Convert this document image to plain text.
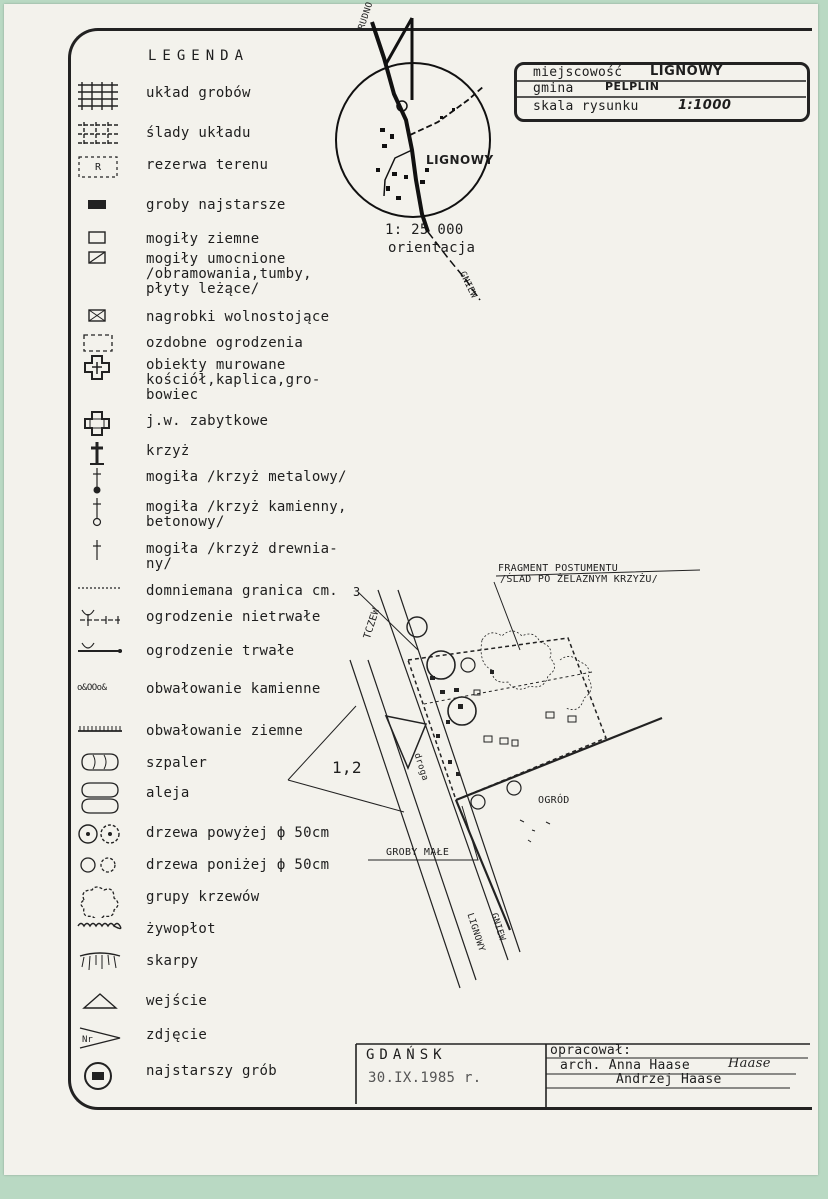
LEGENDA
układ grobów
ślady układu
R	rezerwa terenu
groby najstarsze
mogiły ziemne
mogiły umocnione
/obramowania,tumby,
płyty leżące/
nagrobki wolnostojące
ozdobne ogrodzenia
obiekty murowane
kościół,kaplica,gro-
bowiec
j.w. zabytkowe
krzyż
mogiła /krzyż metalowy/
mogiła /krzyż kamienny,
betonowy/
mogiła /krzyż drewnia-
ny/
domniemana granica cm.
ogrodzenie nietrwałe
ogrodzenie trwałe
o&OOo&	obwałowanie kamienne
obwałowanie ziemne
szpaler
aleja
drzewa powyżej ф 50cm
drzewa poniżej ф 50cm
grupy krzewów
żywopłot
skarpy
wejście
Nr	zdjęcie
najstarszy grób
miejscowość LIGNOWY
gmina	PELPLIN
skala rysunku	1:1000
LIGNOWY
1: 25 000
orientacja
RUDNO
GNIEW
FRAGMENT POSTUMENTU
/ŚLAD PO ŻELAZNYM KRZYŻU/
TCZEW
3
1,2
OGRÓD
GROBY MAŁE
droga
LIGNOWY GNIEW
GDAŃSK
30.IX.1985 r.
opracował:
arch. Anna Haase
Andrzej Haase
Haase
